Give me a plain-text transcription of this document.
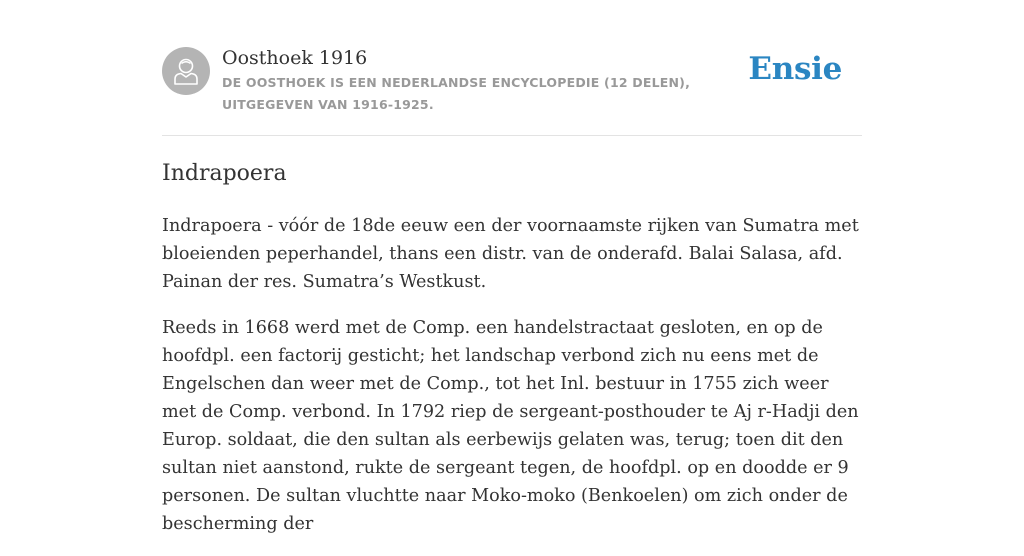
Oosthoek 1916
DE OOSTHOEK IS EEN NEDERLANDSE ENCYCLOPEDIE (12 DELEN), UITGEGEVEN VAN 1916-1925.
Ensie
Indrapoera

Indrapoera - vóór de 18de eeuw een der voornaamste rijken van Sumatra met bloeienden peperhandel, thans een distr. van de onderafd. Balai Salasa, afd. Painan der res. Sumatra’s Westkust.

Reeds in 1668 werd met de Comp. een handelstractaat gesloten, en op de hoofdpl. een factorij gesticht; het landschap verbond zich nu eens met de Engelschen dan weer met de Comp., tot het Inl. bestuur in 1755 zich weer met de Comp. verbond. In 1792 riep de sergeant-posthouder te Aj r-Hadji den Europ. soldaat, die den sultan als eerbewijs gelaten was, terug; toen dit den sultan niet aanstond, rukte de sergeant tegen, de hoofdpl. op en doodde er 9 personen. De sultan vluchtte naar Moko-moko (Benkoelen) om zich onder de bescherming der
